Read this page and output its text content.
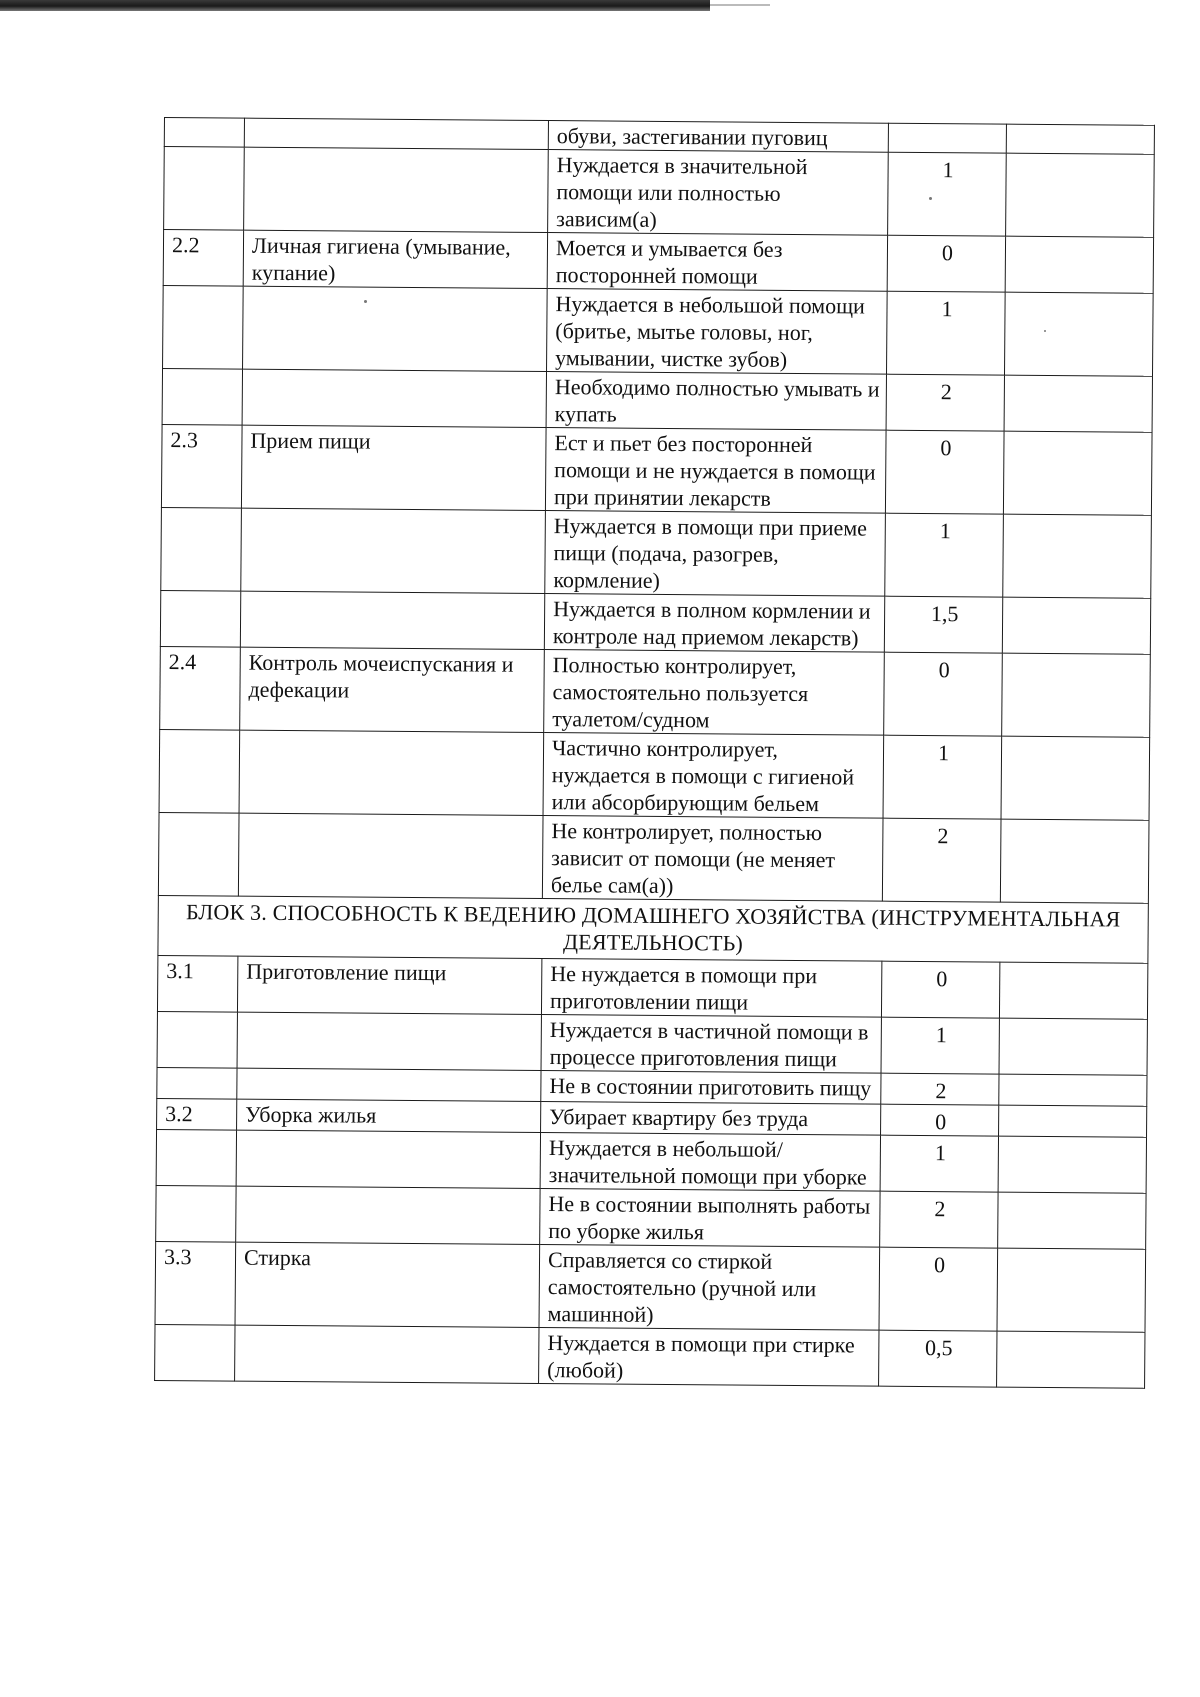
		обуви, застегивании пуговиц		
		Нуждается в значительной помощи или полностью зависим(а)	1	
2.2	Личная гигиена (умывание, купание)	Моется и умывается без посторонней помощи	0	
		Нуждается в небольшой помощи (бритье, мытье головы, ног, умывании, чистке зубов)	1	
		Необходимо полностью умывать и купать	2	
2.3	Прием пищи	Ест и пьет без посторонней помощи и не нуждается в помощи при принятии лекарств	0	
		Нуждается в помощи при приеме пищи (подача, разогрев, кормление)	1	
		Нуждается в полном кормлении и контроле над приемом лекарств)	1,5	
2.4	Контроль мочеиспускания и дефекации	Полностью контролирует, самостоятельно пользуется туалетом/судном	0	
		Частично контролирует, нуждается в помощи с гигиеной или абсорбирующим бельем	1	
		Не контролирует, полностью зависит от помощи (не меняет белье сам(а))	2	
БЛОК 3. СПОСОБНОСТЬ К ВЕДЕНИЮ ДОМАШНЕГО ХОЗЯЙСТВА (ИНСТРУМЕНТАЛЬНАЯ ДЕЯТЕЛЬНОСТЬ)				
3.1	Приготовление пищи	Не нуждается в помощи при приготовлении пищи	0	
		Нуждается в частичной помощи в процессе приготовления пищи	1	
		Не в состоянии приготовить пищу	2	
3.2	Уборка жилья	Убирает квартиру без труда	0	
		Нуждается в небольшой/значительной помощи при уборке	1	
		Не в состоянии выполнять работы по уборке жилья	2	
3.3	Стирка	Справляется со стиркой самостоятельно (ручной или машинной)	0	
		Нуждается в помощи при стирке (любой)	0,5	
